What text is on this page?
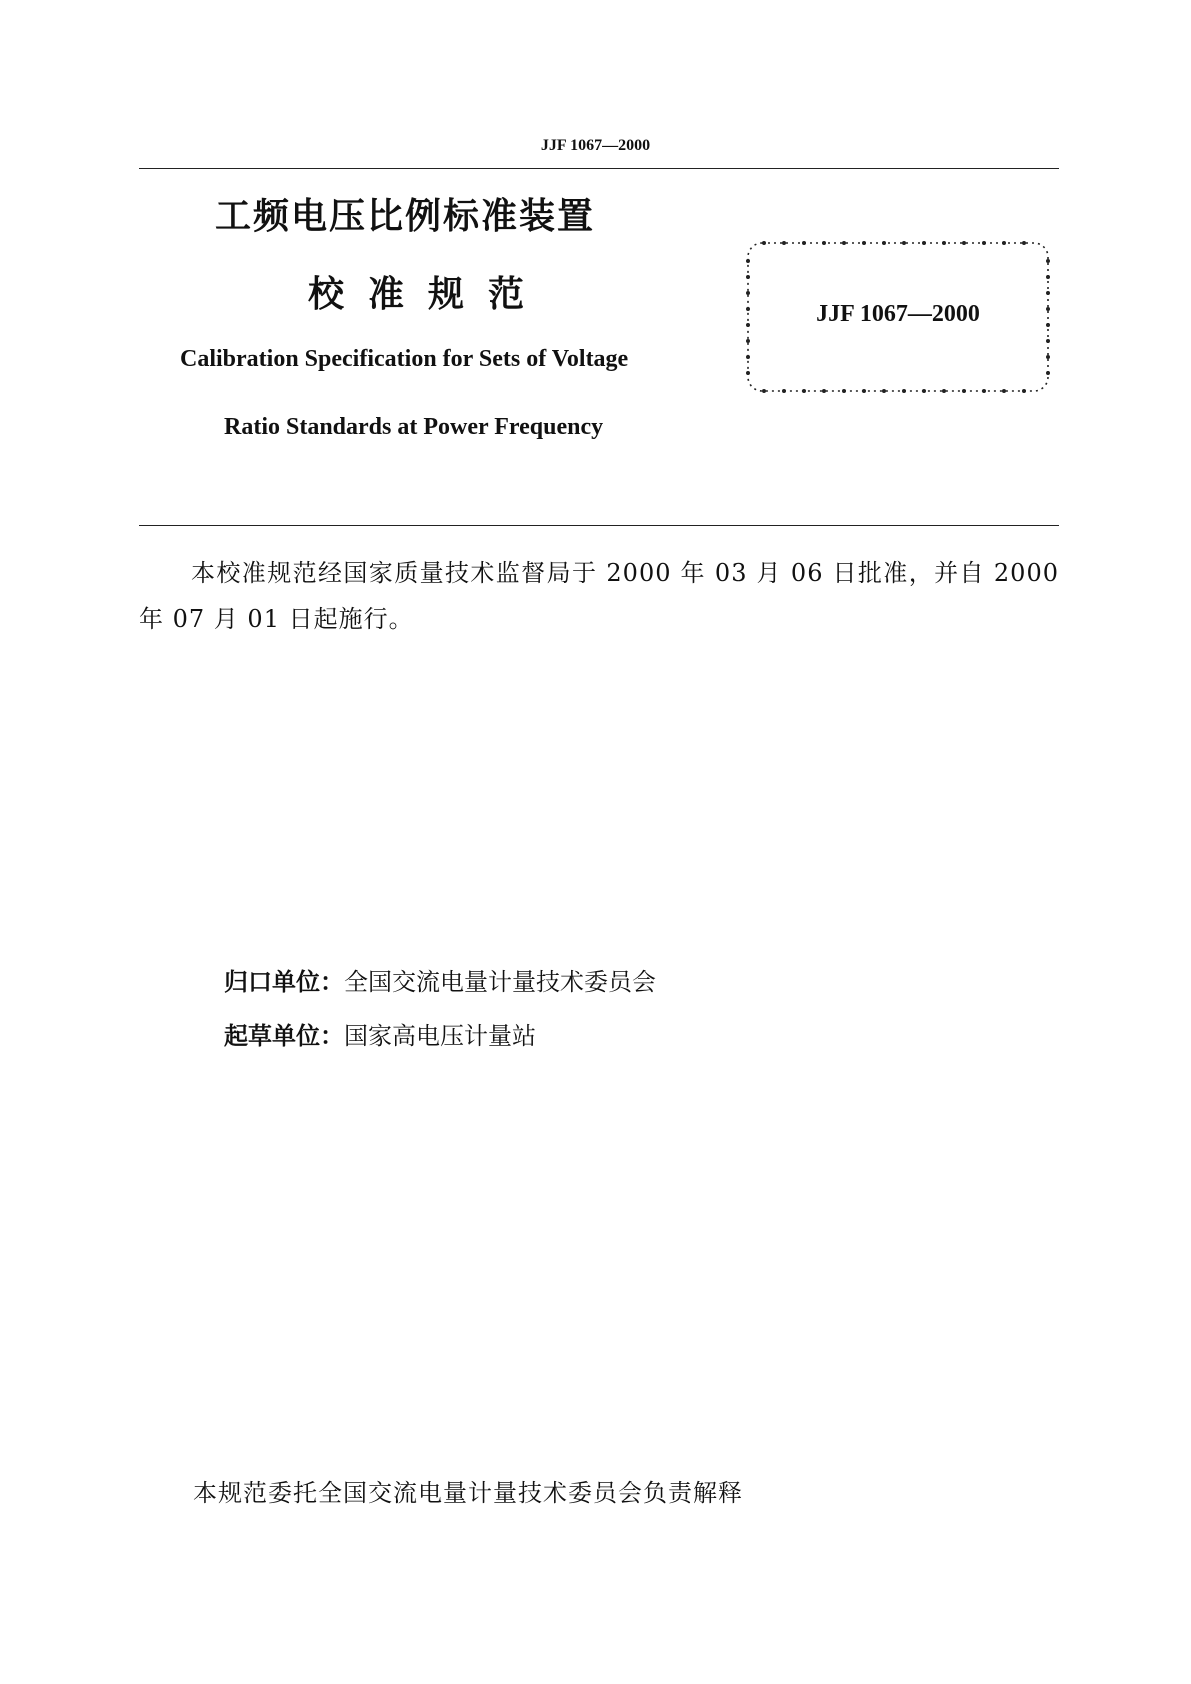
JJF 1067—2000
工频电压比例标准装置
校准规范
Calibration Specification for Sets of Voltage
Ratio Standards at Power Frequency
JJF 1067—2000
本校准规范经国家质量技术监督局于 2000 年 03 月 06 日批准，并自 2000 年 07 月 01 日起施行。
归口单位：全国交流电量计量技术委员会
起草单位：国家高电压计量站
本规范委托全国交流电量计量技术委员会负责解释
